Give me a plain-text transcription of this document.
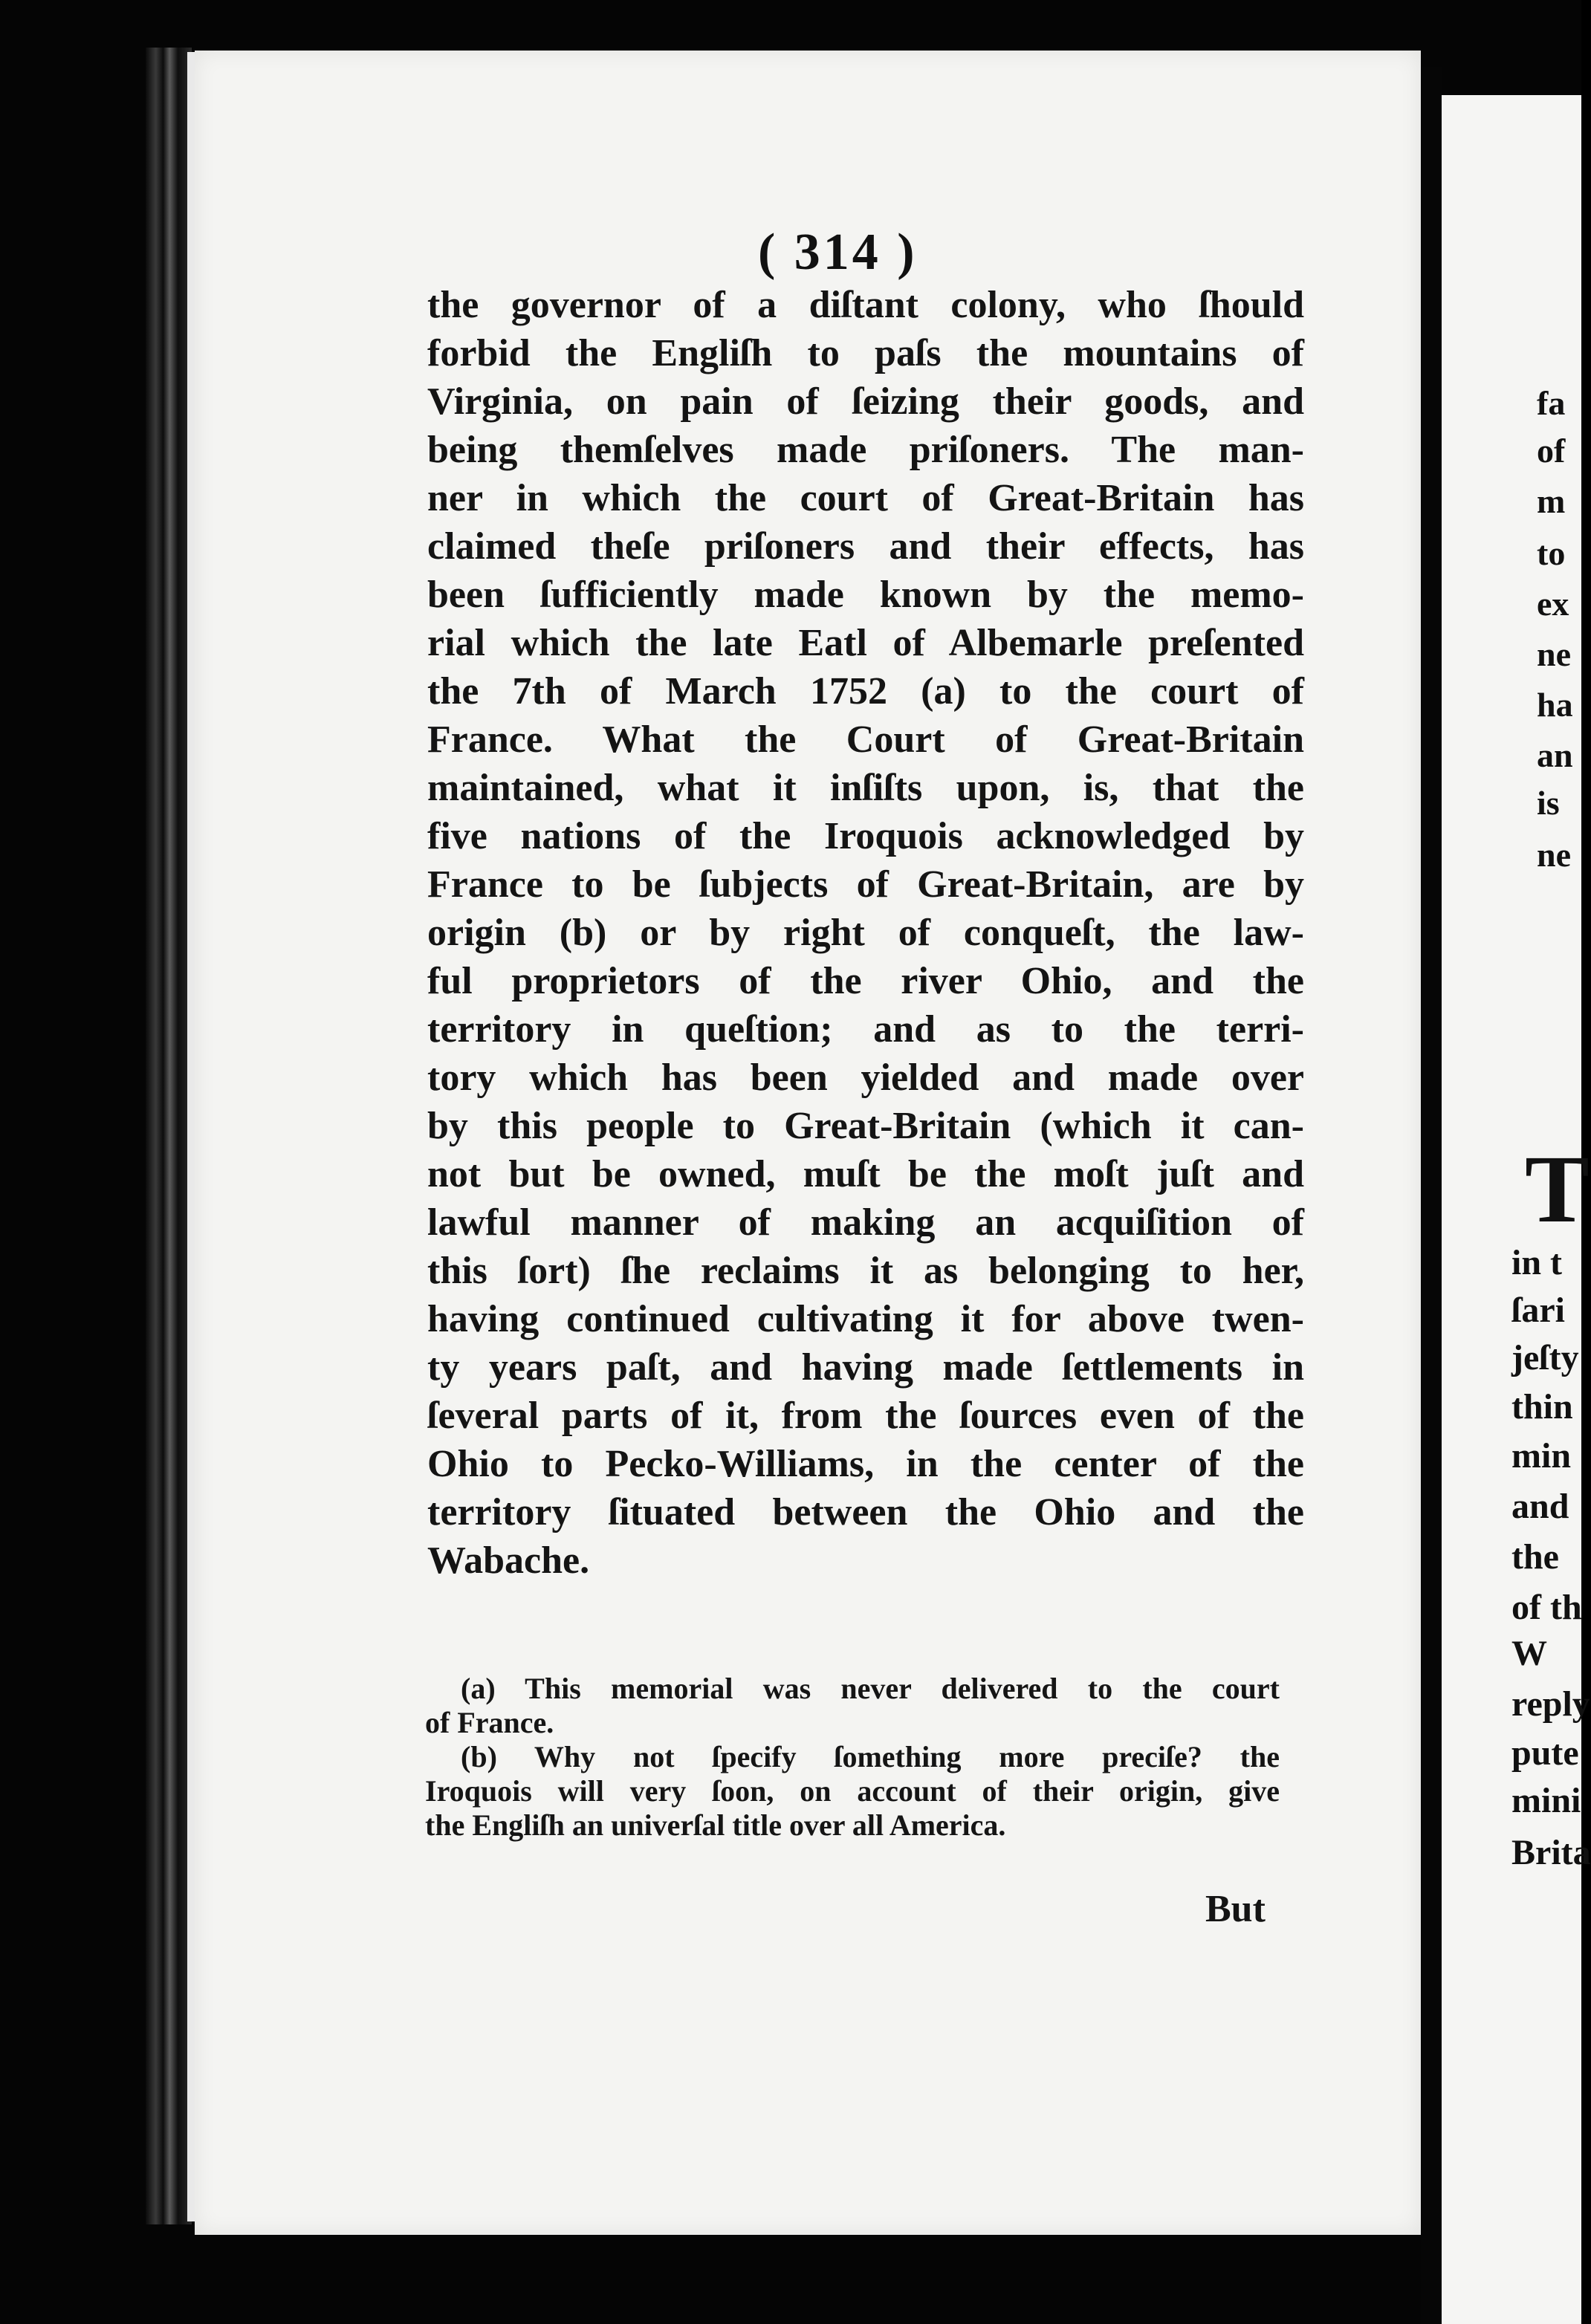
( 314 )
the governor of a diſtant colony, who ſhould
forbid the Engliſh to paſs the mountains of
Virginia, on pain of ſeizing their goods, and
being themſelves made priſoners. The man-
ner in which the court of Great-Britain has
claimed theſe priſoners and their effects, has
been ſufficiently made known by the memo-
rial which the late Eatl of Albemarle preſented
the 7th of March 1752 (a) to the court of
France. What the Court of Great-Britain
maintained, what it inſiſts upon, is, that the
five nations of the Iroquois acknowledged by
France to be ſubjects of Great-Britain, are by
origin (b) or by right of conqueſt, the law-
ful proprietors of the river Ohio, and the
territory in queſtion; and as to the terri-
tory which has been yielded and made over
by this people to Great-Britain (which it can-
not but be owned, muſt be the moſt juſt and
lawful manner of making an acquiſition of
this ſort) ſhe reclaims it as belonging to her,
having continued cultivating it for above twen-
ty years paſt, and having made ſettlements in
ſeveral parts of it, from the ſources even of the
Ohio to Pecko-Williams, in the center of the
territory ſituated between the Ohio and the
Wabache.
(a) This memorial was never delivered to the court
of France.
(b) Why not ſpecify ſomething more preciſe? the
Iroquois will very ſoon, on account of their origin, give
the Engliſh an univerſal title over all America.
But
fa
of
m
to
ex
ne
ha
an
is
ne
T
in t
ſari
jeſty
thin
min
and
the
of th
W
reply
pute
mini
Brita
